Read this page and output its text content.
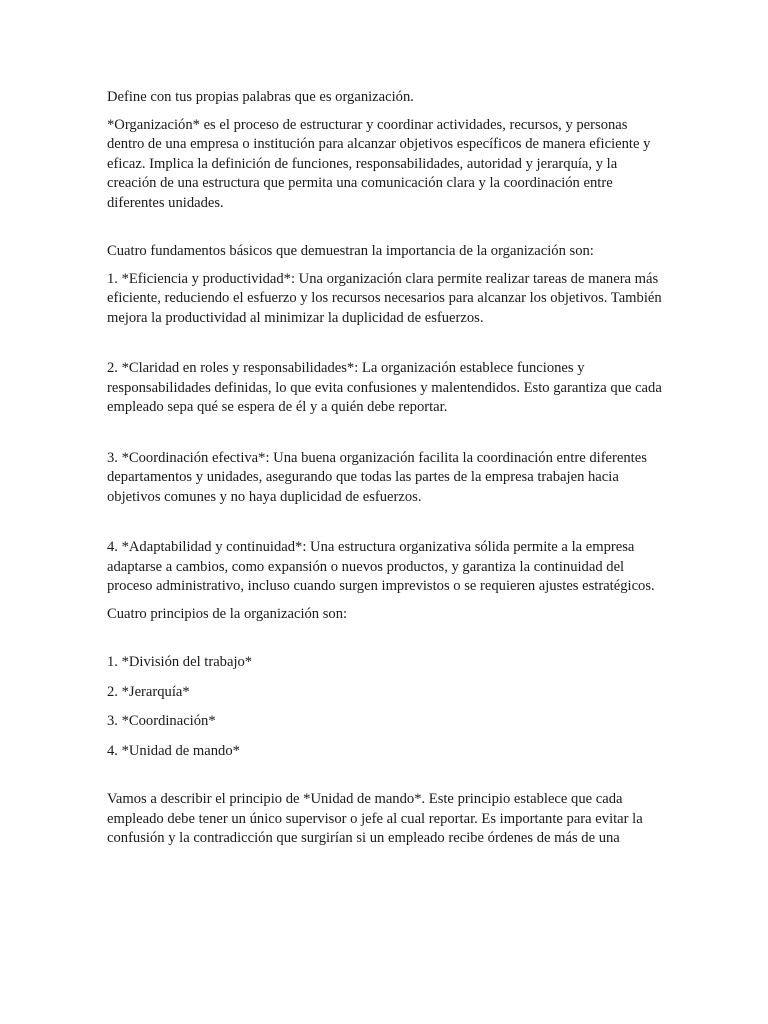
Define con tus propias palabras que es organización.

*Organización* es el proceso de estructurar y coordinar actividades, recursos, y personas dentro de una empresa o institución para alcanzar objetivos específicos de manera eficiente y eficaz. Implica la definición de funciones, responsabilidades, autoridad y jerarquía, y la creación de una estructura que permita una comunicación clara y la coordinación entre diferentes unidades.

Cuatro fundamentos básicos que demuestran la importancia de la organización son:

1. *Eficiencia y productividad*: Una organización clara permite realizar tareas de manera más eficiente, reduciendo el esfuerzo y los recursos necesarios para alcanzar los objetivos. También mejora la productividad al minimizar la duplicidad de esfuerzos.

2. *Claridad en roles y responsabilidades*: La organización establece funciones y responsabilidades definidas, lo que evita confusiones y malentendidos. Esto garantiza que cada empleado sepa qué se espera de él y a quién debe reportar.

3. *Coordinación efectiva*: Una buena organización facilita la coordinación entre diferentes departamentos y unidades, asegurando que todas las partes de la empresa trabajen hacia objetivos comunes y no haya duplicidad de esfuerzos.

4. *Adaptabilidad y continuidad*: Una estructura organizativa sólida permite a la empresa adaptarse a cambios, como expansión o nuevos productos, y garantiza la continuidad del proceso administrativo, incluso cuando surgen imprevistos o se requieren ajustes estratégicos.

Cuatro principios de la organización son:

1. *División del trabajo*

2. *Jerarquía*

3. *Coordinación*

4. *Unidad de mando*

Vamos a describir el principio de *Unidad de mando*. Este principio establece que cada empleado debe tener un único supervisor o jefe al cual reportar. Es importante para evitar la confusión y la contradicción que surgirían si un empleado recibe órdenes de más de una
